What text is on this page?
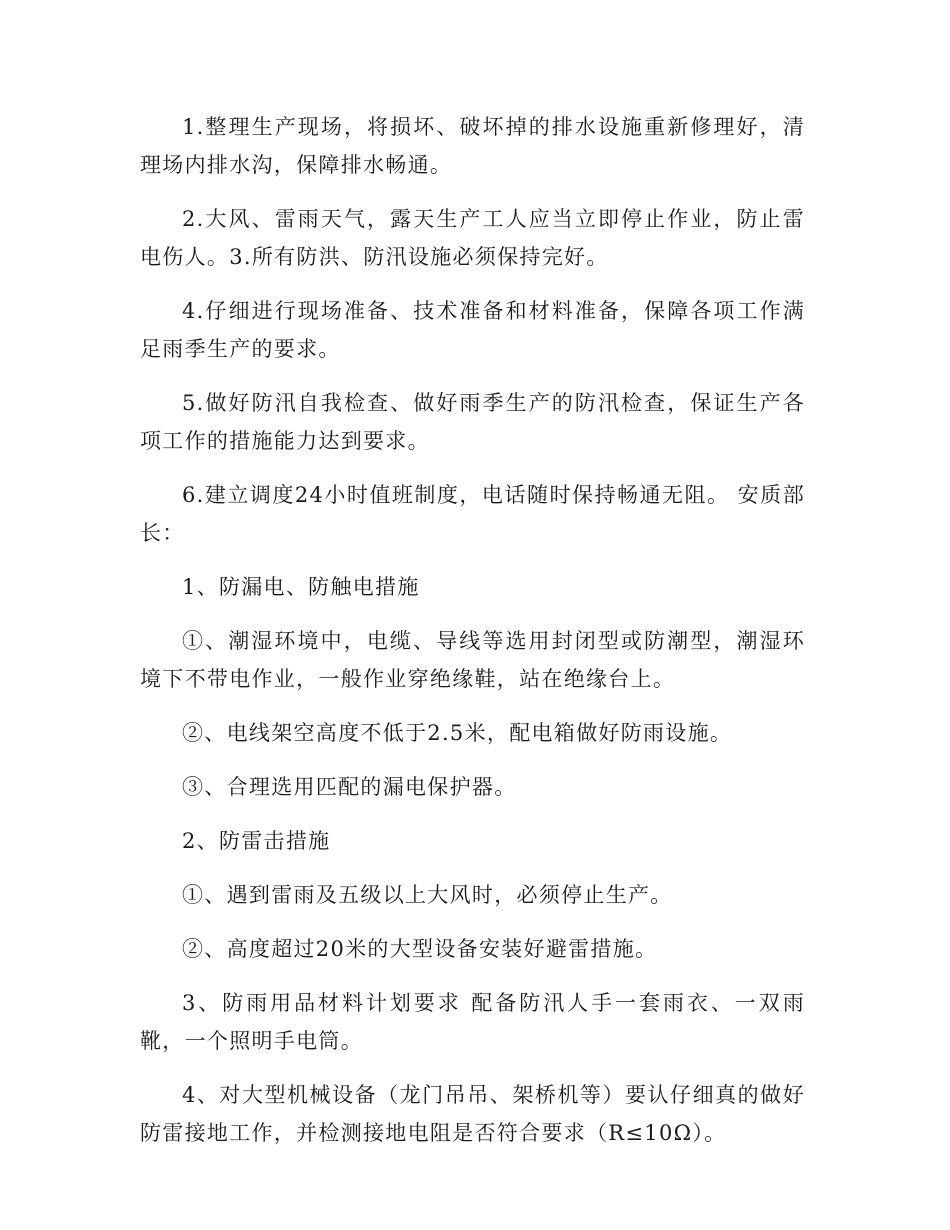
1.整理生产现场，将损坏、破坏掉的排水设施重新修理好，清理场内排水沟，保障排水畅通。

2.大风、雷雨天气，露天生产工人应当立即停止作业，防止雷电伤人。3.所有防洪、防汛设施必须保持完好。

4.仔细进行现场准备、技术准备和材料准备，保障各项工作满足雨季生产的要求。

5.做好防汛自我检查、做好雨季生产的防汛检查，保证生产各项工作的措施能力达到要求。

6.建立调度24小时值班制度，电话随时保持畅通无阻。 安质部长：

1、防漏电、防触电措施

①、潮湿环境中，电缆、导线等选用封闭型或防潮型，潮湿环境下不带电作业，一般作业穿绝缘鞋，站在绝缘台上。

②、电线架空高度不低于2.5米，配电箱做好防雨设施。

③、合理选用匹配的漏电保护器。

2、防雷击措施

①、遇到雷雨及五级以上大风时，必须停止生产。

②、高度超过20米的大型设备安装好避雷措施。

3、防雨用品材料计划要求 配备防汛人手一套雨衣、一双雨靴，一个照明手电筒。

4、对大型机械设备（龙门吊吊、架桥机等）要认仔细真的做好防雷接地工作，并检测接地电阻是否符合要求（R≤10Ω）。
